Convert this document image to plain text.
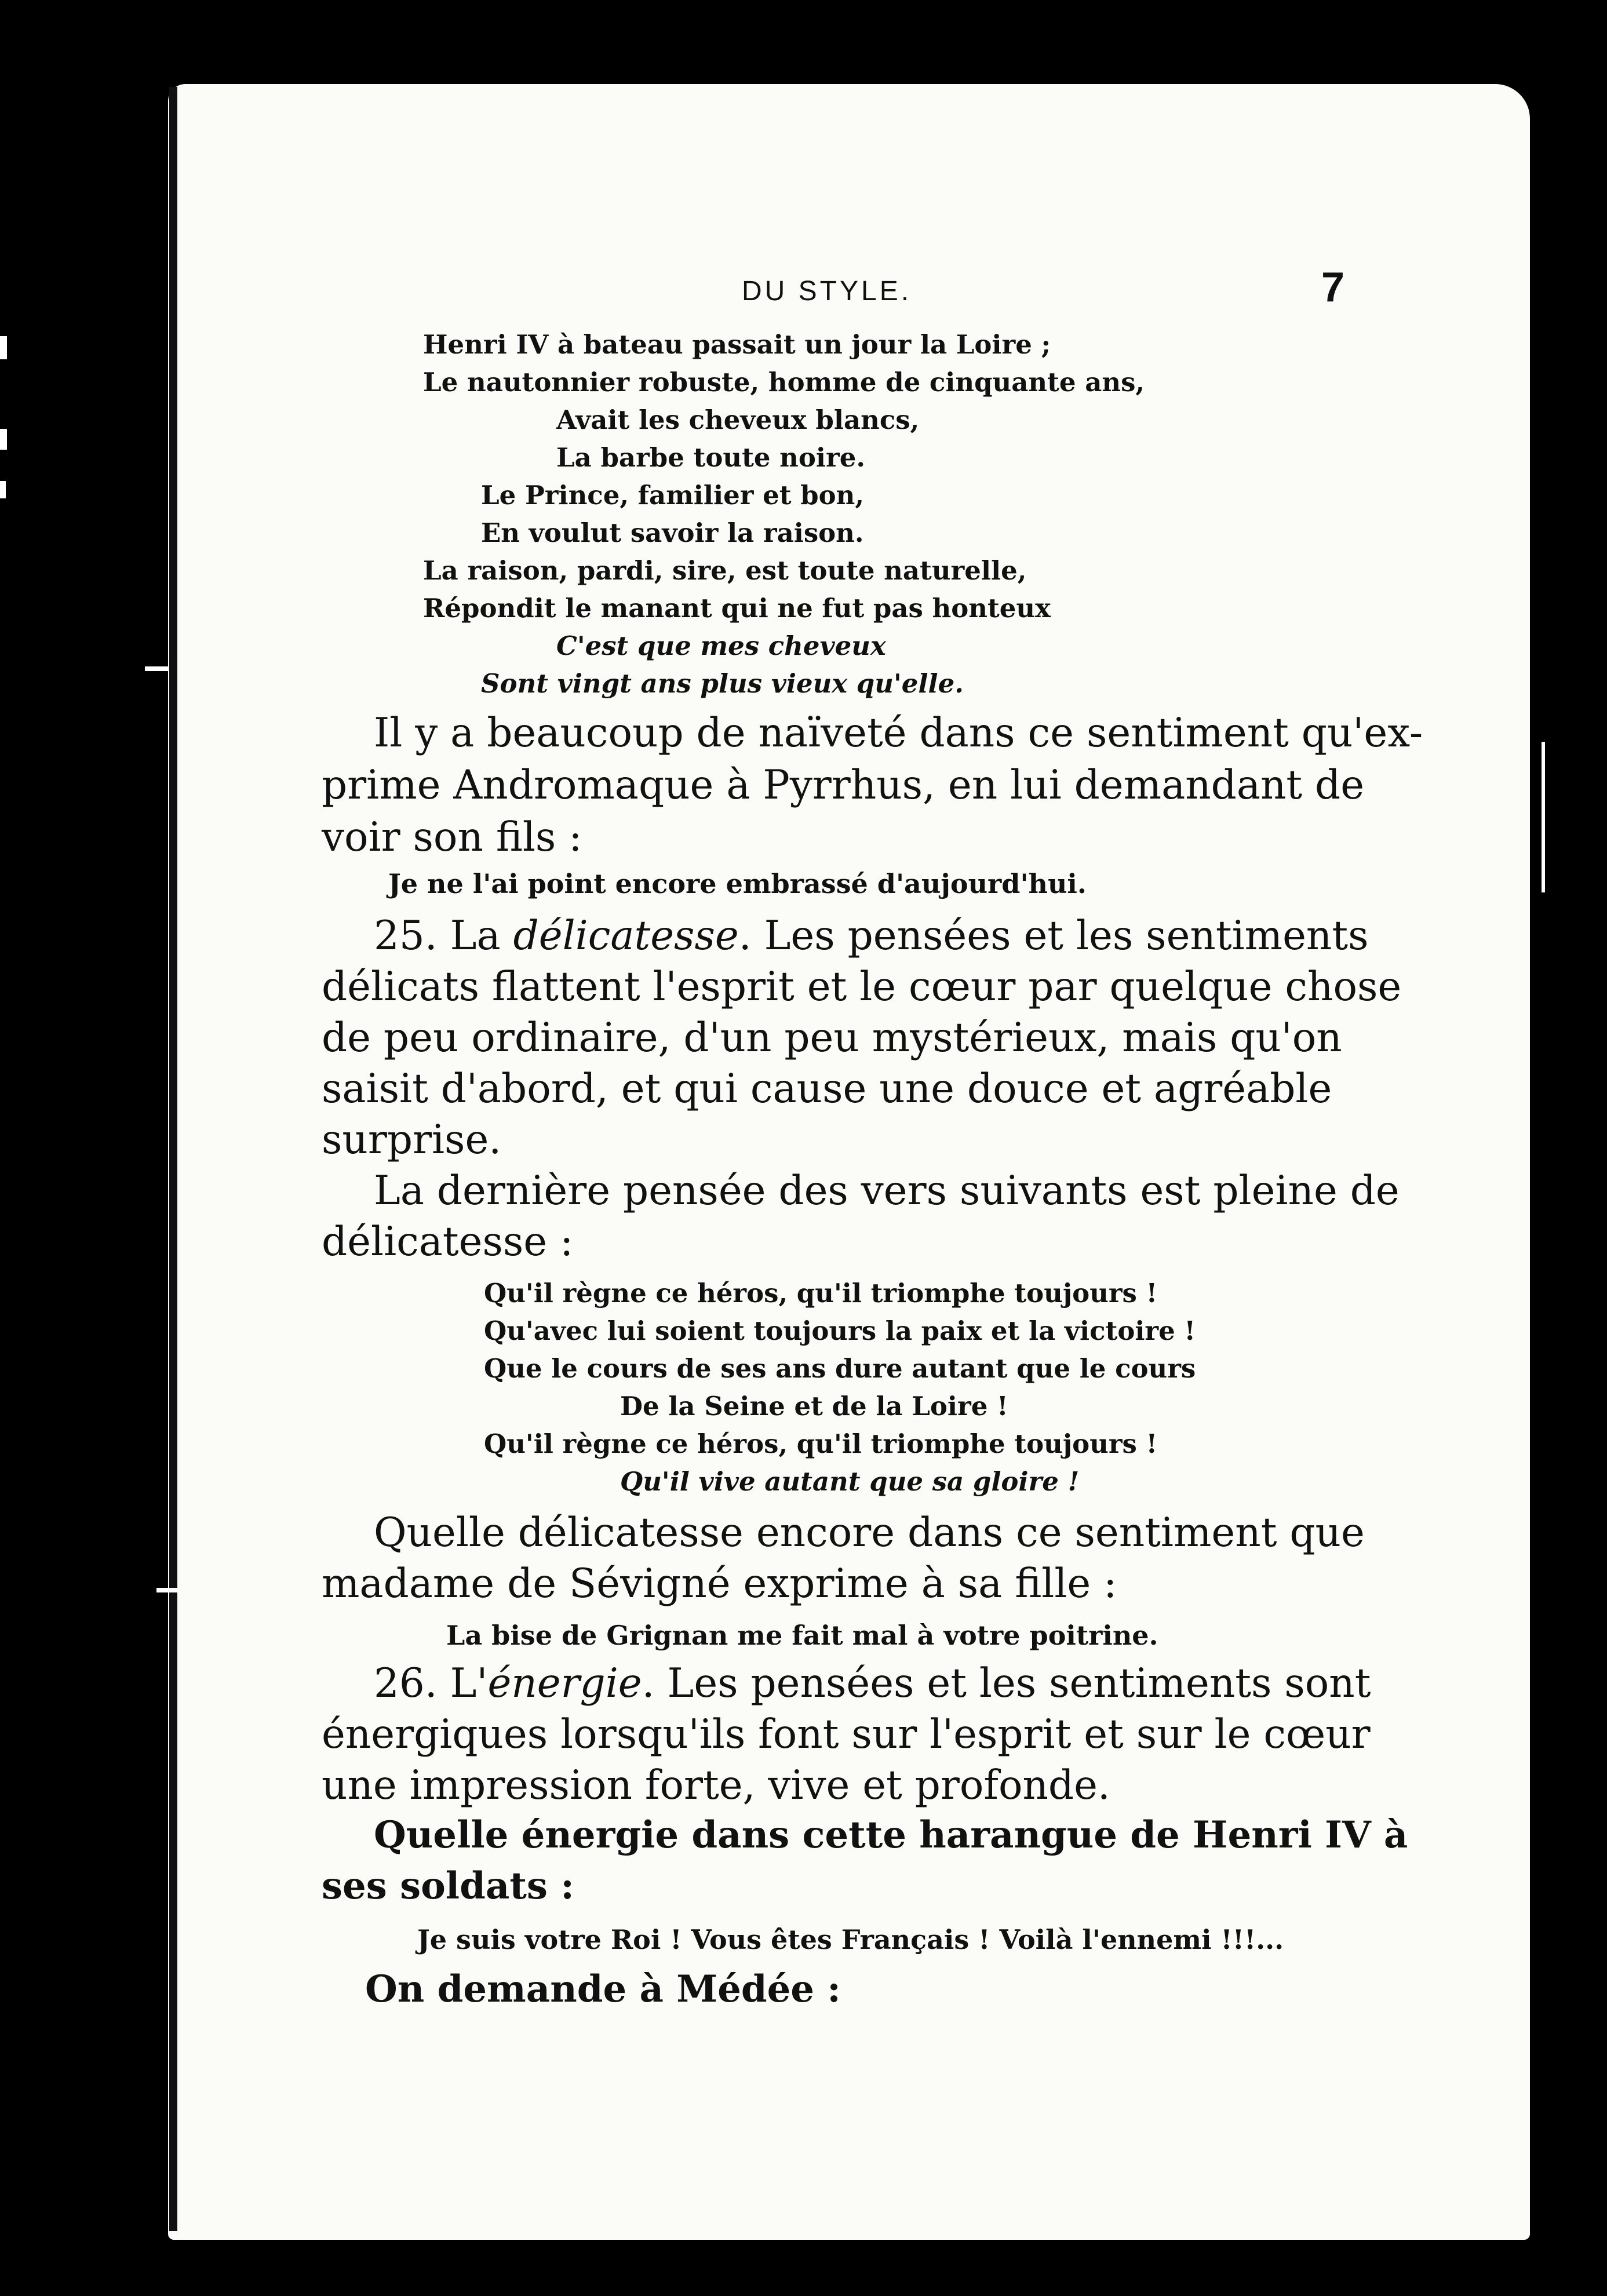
DU STYLE.	7
Henri IV à bateau passait un jour la Loire ;
Le nautonnier robuste, homme de cinquante ans,
Avait les cheveux blancs,
La barbe toute noire.
Le Prince, familier et bon,
En voulut savoir la raison.
La raison, pardi, sire, est toute naturelle,
Répondit le manant qui ne fut pas honteux
C'est que mes cheveux
Sont vingt ans plus vieux qu'elle.
Il y a beaucoup de naïveté dans ce sentiment qu'ex-
prime Andromaque à Pyrrhus, en lui demandant de
voir son fils :
Je ne l'ai point encore embrassé d'aujourd'hui.
25. La délicatesse. Les pensées et les sentiments
délicats flattent l'esprit et le cœur par quelque chose
de peu ordinaire, d'un peu mystérieux, mais qu'on
saisit d'abord, et qui cause une douce et agréable
surprise.
La dernière pensée des vers suivants est pleine de
délicatesse :
Qu'il règne ce héros, qu'il triomphe toujours !
Qu'avec lui soient toujours la paix et la victoire !
Que le cours de ses ans dure autant que le cours
De la Seine et de la Loire !
Qu'il règne ce héros, qu'il triomphe toujours !
Qu'il vive autant que sa gloire !
Quelle délicatesse encore dans ce sentiment que
madame de Sévigné exprime à sa fille :
La bise de Grignan me fait mal à votre poitrine.
26. L'énergie. Les pensées et les sentiments sont
énergiques lorsqu'ils font sur l'esprit et sur le cœur
une impression forte, vive et profonde.
Quelle énergie dans cette harangue de Henri IV à
ses soldats :
Je suis votre Roi ! Vous êtes Français ! Voilà l'ennemi !!!...
On demande à Médée :
